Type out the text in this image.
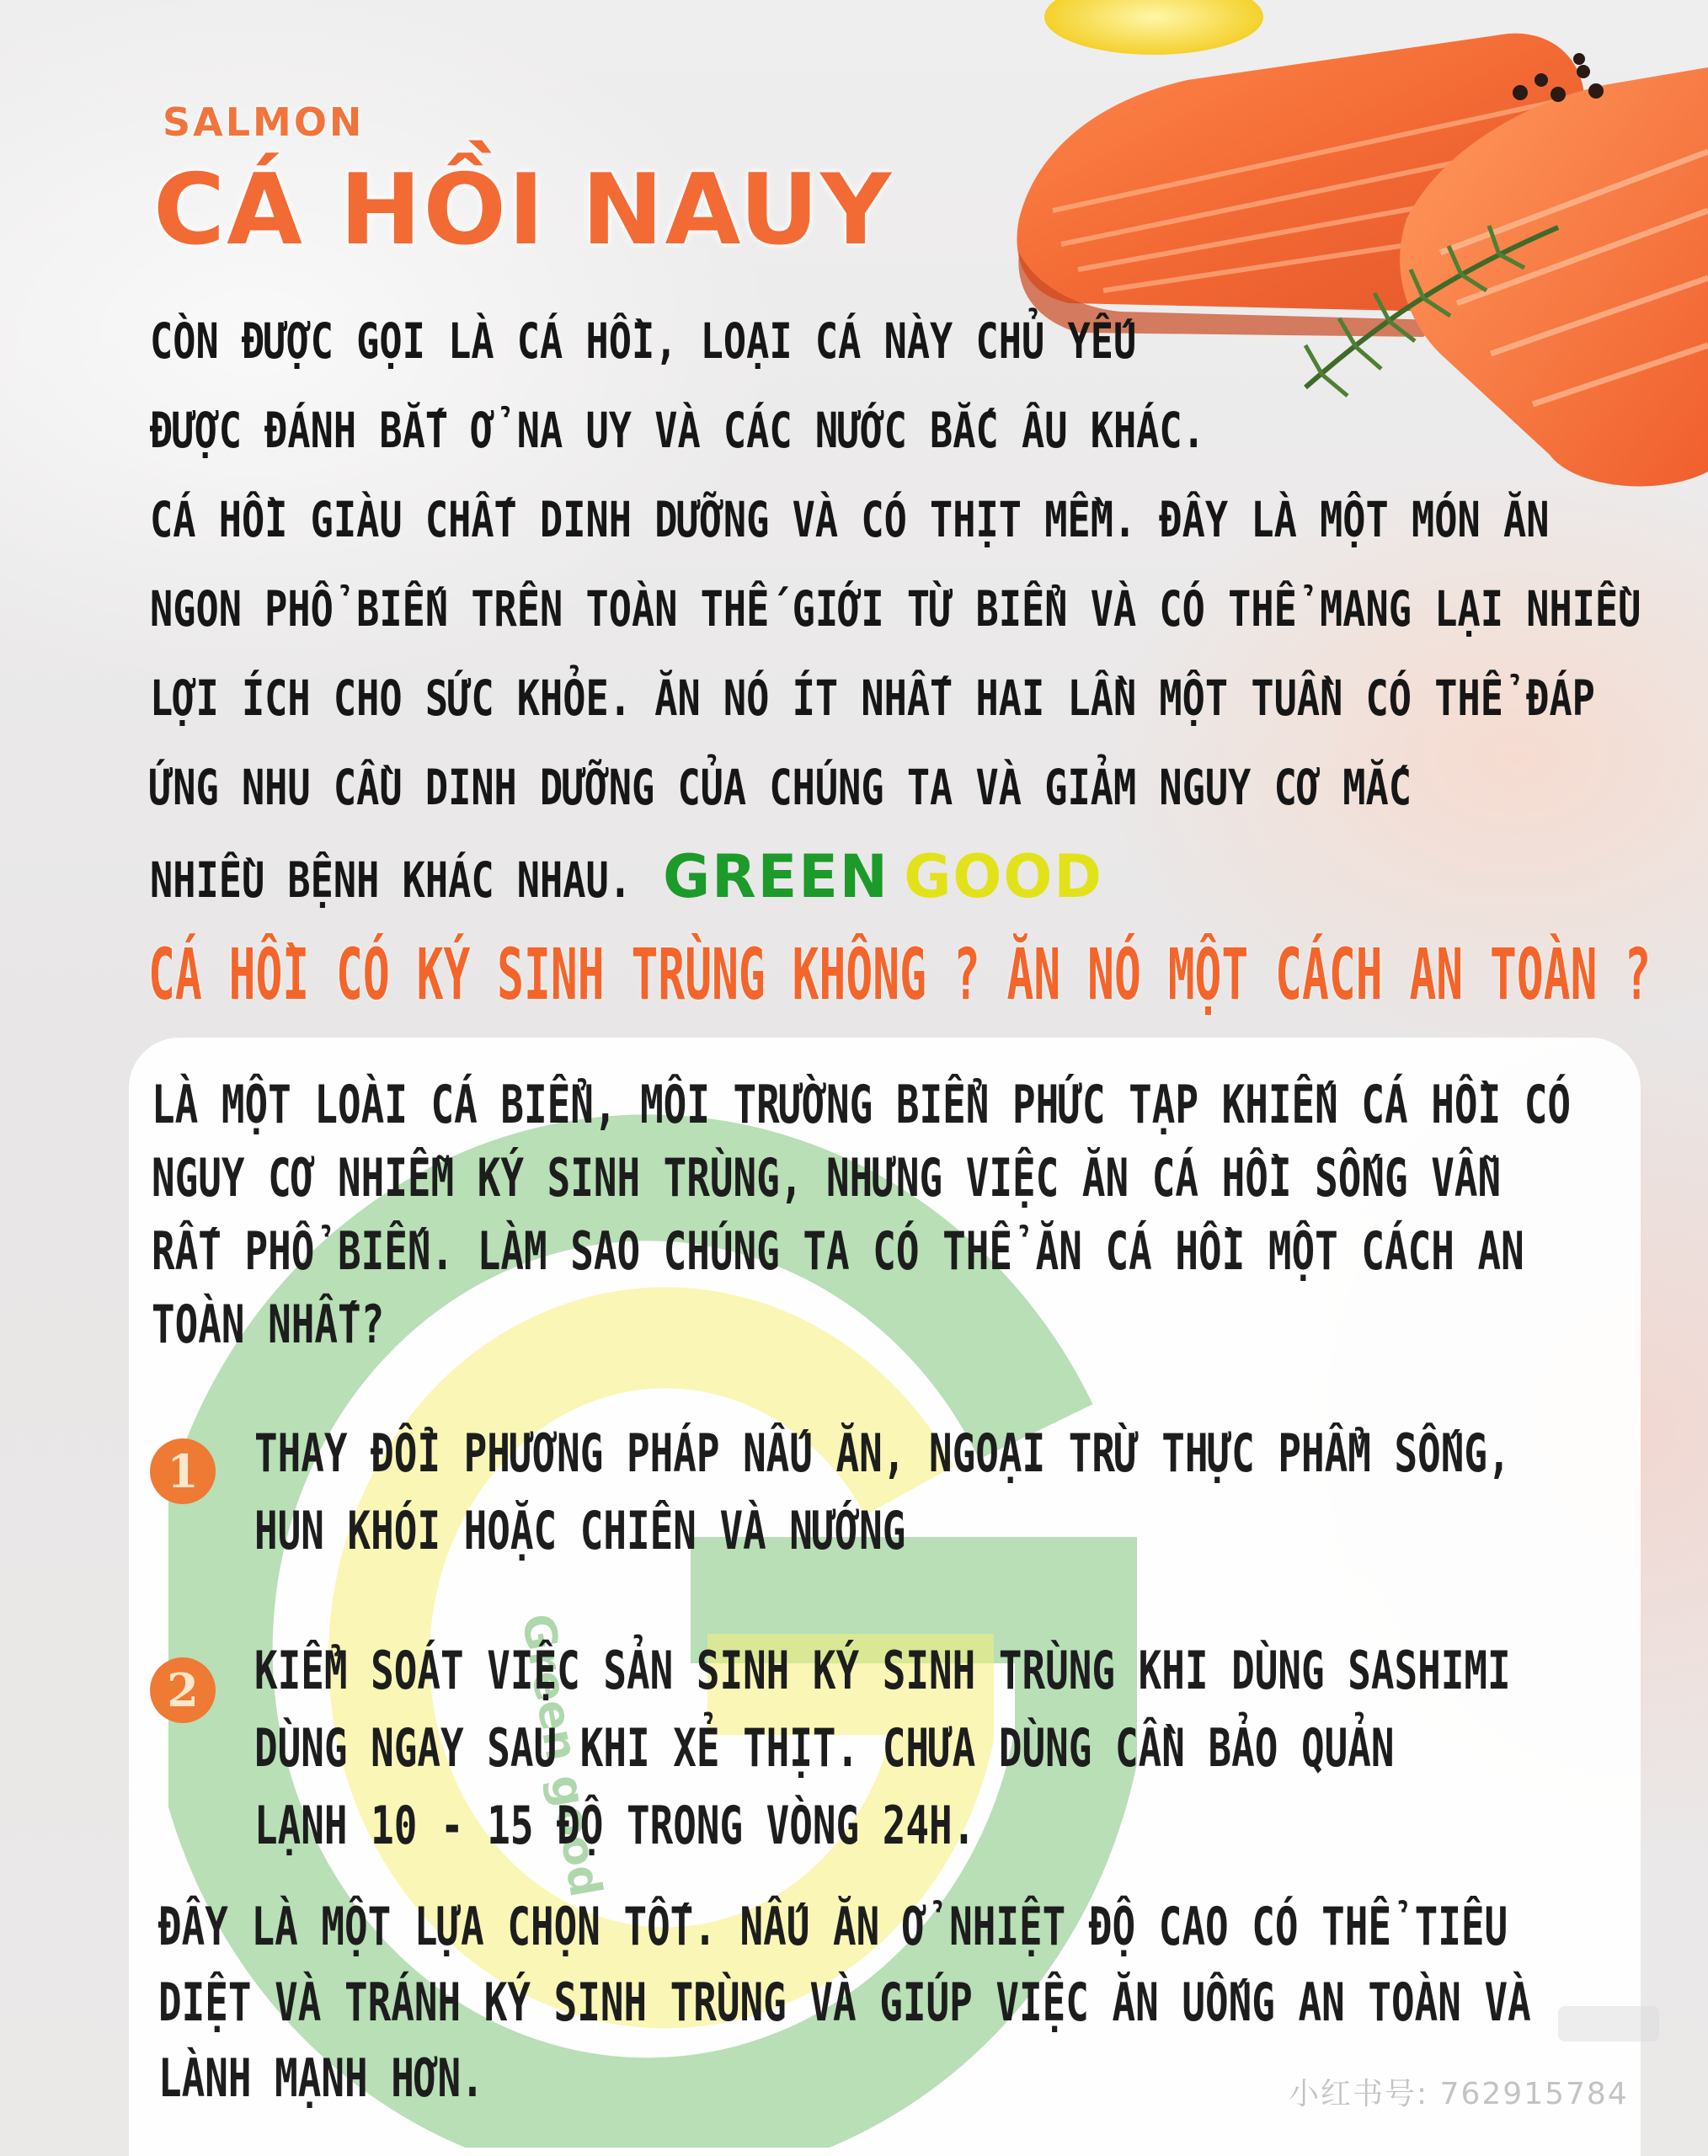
SALMON
CÁ HỒI NAUY
CÒN ĐƯỢC GỌI LÀ CÁ HỒI, LOẠI CÁ NÀY CHỦ YẾU
ĐƯỢC ĐÁNH BẮT Ở NA UY VÀ CÁC NƯỚC BẮC ÂU KHÁC.
CÁ HỒI GIÀU CHẤT DINH DƯỠNG VÀ CÓ THỊT MỀM. ĐÂY LÀ MỘT MÓN ĂN
NGON PHỔ BIẾN TRÊN TOÀN THẾ GIỚI TỪ BIỂN VÀ CÓ THỂ MANG LẠI NHIỀU
LỢI ÍCH CHO SỨC KHỎE. ĂN NÓ ÍT NHẤT HAI LẦN MỘT TUẦN CÓ THỂ ĐÁP
ỨNG NHU CẦU DINH DƯỠNG CỦA CHÚNG TA VÀ GIẢM NGUY CƠ MẮC
NHIỀU BỆNH KHÁC NHAU. GREEN GOOD
CÁ HỒI CÓ KÝ SINH TRÙNG KHÔNG ? ĂN NÓ MỘT CÁCH AN TOÀN ?
Green good
LÀ MỘT LOÀI CÁ BIỂN, MÔI TRƯỜNG BIỂN PHỨC TẠP KHIẾN CÁ HỒI CÓ
NGUY CƠ NHIỄM KÝ SINH TRÙNG, NHƯNG VIỆC ĂN CÁ HỒI SỐNG VẪN
RẤT PHỔ BIẾN. LÀM SAO CHÚNG TA CÓ THỂ ĂN CÁ HỒI MỘT CÁCH AN
TOÀN NHẤT?
1	THAY ĐỔI PHƯƠNG PHÁP NẤU ĂN, NGOẠI TRỪ THỰC PHẨM SỐNG,
HUN KHÓI HOẶC CHIÊN VÀ NƯỚNG
2	KIỂM SOÁT VIỆC SẢN SINH KÝ SINH TRÙNG KHI DÙNG SASHIMI
DÙNG NGAY SAU KHI XẺ THỊT. CHƯA DÙNG CẦN BẢO QUẢN
LẠNH 10 - 15 ĐỘ TRONG VÒNG 24H.
ĐÂY LÀ MỘT LỰA CHỌN TỐT. NẤU ĂN Ở NHIỆT ĐỘ CAO CÓ THỂ TIÊU
DIỆT VÀ TRÁNH KÝ SINH TRÙNG VÀ GIÚP VIỆC ĂN UỐNG AN TOÀN VÀ
LÀNH MẠNH HƠN.	小红书号: 762915784
